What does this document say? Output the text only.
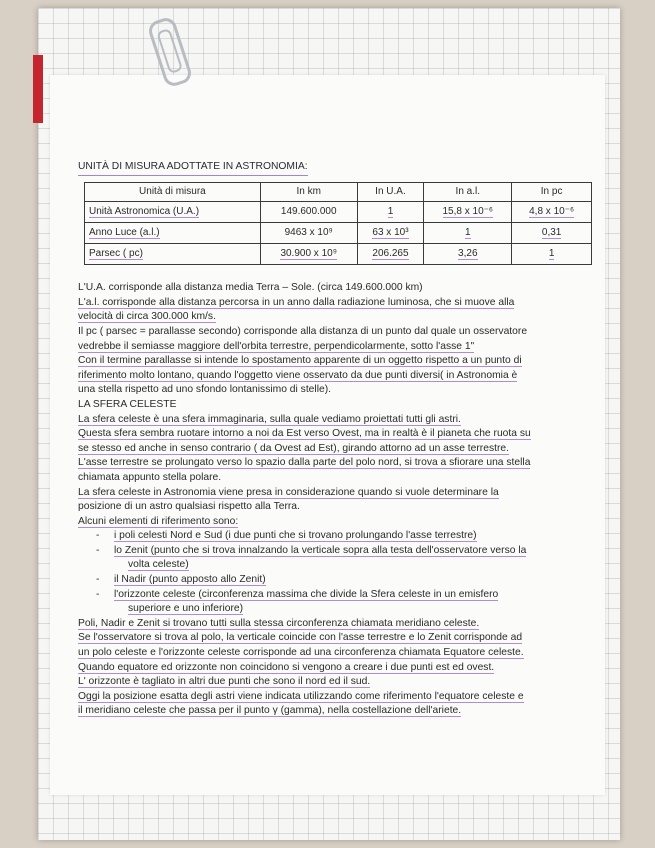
UNITÀ DI MISURA ADOTTATE IN ASTRONOMIA:
Unità di misura	In km	In U.A.	In a.l.	In pc
Unità Astronomica (U.A.)	149.600.000	1	15,8 x 10⁻⁶	4,8 x 10⁻⁶
Anno Luce (a.l.)	9463 x 10⁹	63 x 10³	1	0,31
Parsec ( pc)	30.900 x 10⁹	206.265	3,26	1

L'U.A. corrisponde alla distanza media Terra – Sole. (circa 149.600.000 km)

L'a.l. corrisponde alla distanza percorsa in un anno dalla radiazione luminosa, che si muove alla

velocità di circa 300.000 km/s.

Il pc ( parsec = parallasse secondo) corrisponde alla distanza di un punto dal quale un osservatore

vedrebbe il semiasse maggiore dell'orbita terrestre, perpendicolarmente, sotto l'asse 1"

Con il termine parallasse si intende lo spostamento apparente di un oggetto rispetto a un punto di

riferimento molto lontano, quando l'oggetto viene osservato da due punti diversi( in Astronomia è

una stella rispetto ad uno sfondo lontanissimo di stelle).

LA SFERA CELESTE

La sfera celeste è una sfera immaginaria, sulla quale vediamo proiettati tutti gli astri.

Questa sfera sembra ruotare intorno a noi da Est verso Ovest, ma in realtà è il pianeta che ruota su

se stesso ed anche in senso contrario ( da Ovest ad Est), girando attorno ad un asse terrestre.

L'asse terrestre se prolungato verso lo spazio dalla parte del polo nord, si trova a sfiorare una stella

chiamata appunto stella polare.

La sfera celeste in Astronomia viene presa in considerazione quando si vuole determinare la

posizione di un astro qualsiasi rispetto alla Terra.

Alcuni elementi di riferimento sono:

- i poli celesti Nord e Sud (i due punti che si trovano prolungando l'asse terrestre)
- lo Zenit (punto che si trova innalzando la verticale sopra alla testa dell'osservatore verso la
volta celeste)
- il Nadir (punto apposto allo Zenit)
- l'orizzonte celeste (circonferenza massima che divide la Sfera celeste in un emisfero
superiore e uno inferiore)

Poli, Nadir e Zenit si trovano tutti sulla stessa circonferenza chiamata meridiano celeste.

Se l'osservatore si trova al polo, la verticale coincide con l'asse terrestre e lo Zenit corrisponde ad

un polo celeste e l'orizzonte celeste corrisponde ad una circonferenza chiamata Equatore celeste.

Quando equatore ed orizzonte non coincidono si vengono a creare i due punti est ed ovest.

L' orizzonte è tagliato in altri due punti che sono il nord ed il sud.

Oggi la posizione esatta degli astri viene indicata utilizzando come riferimento l'equatore celeste e

il meridiano celeste che passa per il punto γ (gamma), nella costellazione dell'ariete.
